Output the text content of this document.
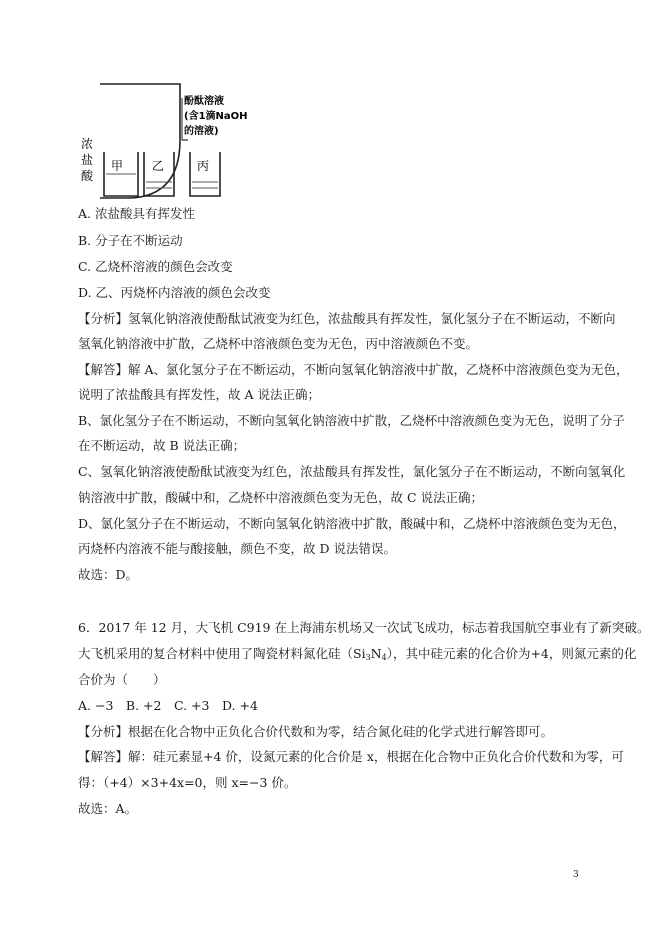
甲 乙	丙
浓
盐
酸
酚酞溶液
(含1滴NaOH
的溶液)
A. 浓盐酸具有挥发性
B. 分子在不断运动
C. 乙烧杯溶液的颜色会改变
D. 乙、丙烧杯内溶液的颜色会改变
【分析】氢氧化钠溶液使酚酞试液变为红色，浓盐酸具有挥发性，氯化氢分子在不断运动，不断向
氢氧化钠溶液中扩散，乙烧杯中溶液颜色变为无色，丙中溶液颜色不变。
【解答】解 A、氯化氢分子在不断运动，不断向氢氧化钠溶液中扩散，乙烧杯中溶液颜色变为无色，
说明了浓盐酸具有挥发性，故 A 说法正确；
B、氯化氢分子在不断运动，不断向氢氧化钠溶液中扩散，乙烧杯中溶液颜色变为无色，说明了分子
在不断运动，故 B 说法正确；
C、氢氧化钠溶液使酚酞试液变为红色，浓盐酸具有挥发性，氯化氢分子在不断运动，不断向氢氧化
钠溶液中扩散，酸碱中和，乙烧杯中溶液颜色变为无色，故 C 说法正确；
D、氯化氢分子在不断运动，不断向氢氧化钠溶液中扩散，酸碱中和，乙烧杯中溶液颜色变为无色，
丙烧杯内溶液不能与酸接触，颜色不变，故 D 说法错误。
故选：D。
6．2017 年 12 月，大飞机 C919 在上海浦东机场又一次试飞成功，标志着我国航空事业有了新突破。
大飞机采用的复合材料中使用了陶瓷材料氮化硅$(Si_3N_4)$，其中硅元素的化合价为+4，则氮元素的化
合价为（　　）
A. −3　B. +2　C. +3　D. +4
【分析】根据在化合物中正负化合价代数和为零，结合氮化硅的化学式进行解答即可。
【解答】解：硅元素显+4 价，设氮元素的化合价是 x，根据在化合物中正负化合价代数和为零，可
得：（+4）×3+4x=0，则 x=−3 价。
故选：A。
3
